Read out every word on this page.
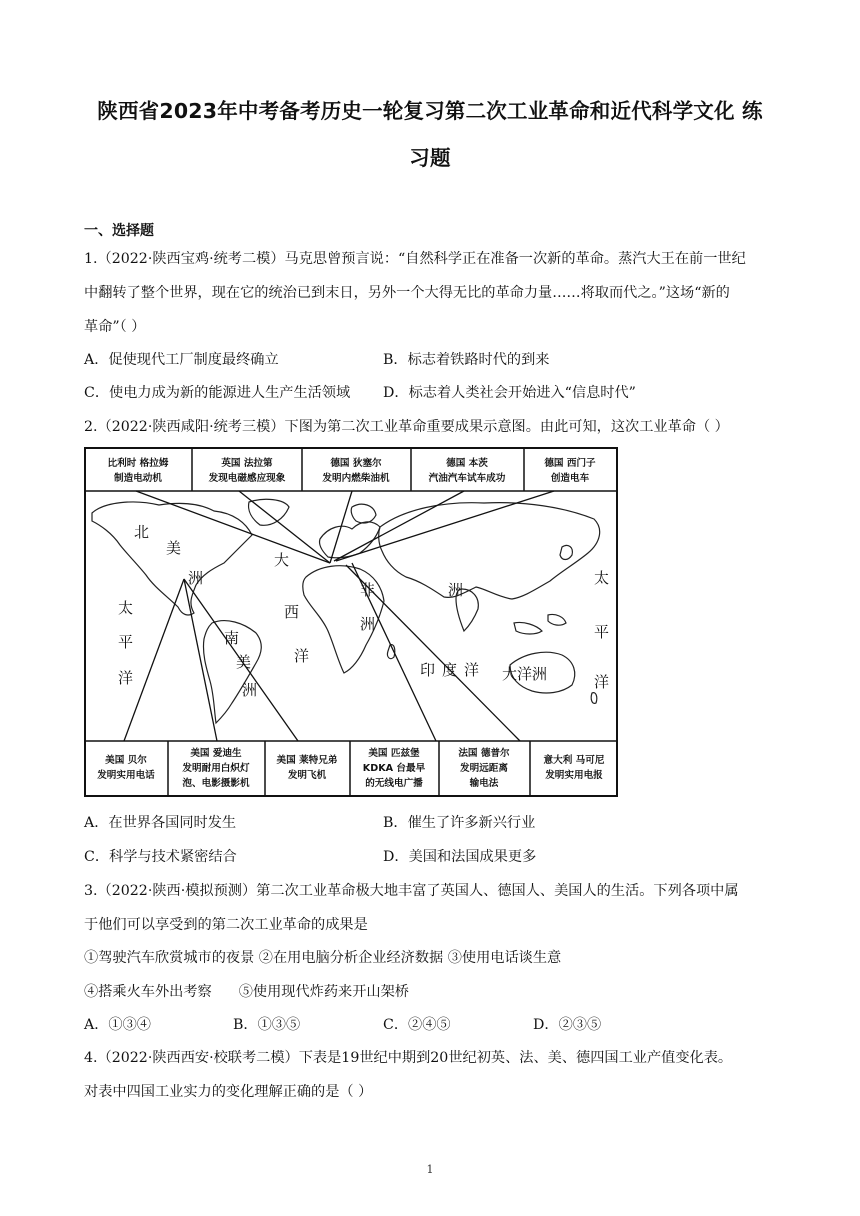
陕西省2023年中考备考历史一轮复习第二次工业革命和近代科学文化 练
习题
一、选择题
1.（2022·陕西宝鸡·统考二模）马克思曾预言说：“自然科学正在准备一次新的革命。蒸汽大王在前一世纪
中翻转了整个世界，现在它的统治已到末日，另外一个大得无比的革命力量……将取而代之。”这场“新的
革命”（ ）
A．促使现代工厂制度最终确立	B．标志着铁路时代的到来
C．使电力成为新的能源进人生产生活领域 D．标志着人类社会开始进入“信息时代”
2.（2022·陕西咸阳·统考三模）下图为第二次工业革命重要成果示意图。由此可知，这次工业革命（ ）
比利时 格拉姆
制造电动机
英国 法拉第
发现电磁感应现象
德国 狄塞尔
发明内燃柴油机
德国 本茨
汽油汽车试车成功
德国 西门子
创造电车
美国 贝尔
发明实用电话
美国 爱迪生
发明耐用白炽灯
泡、电影摄影机
美国 莱特兄弟
发明飞机
美国 匹兹堡
KDKA 台最早
的无线电广播
法国 德普尔
发明远距离
输电法
意大利 马可尼
发明实用电报
北
美
洲
太
平
洋
大
西
洋
南
美
洲
非
洲
洲
印 度 洋 大洋洲
太
平
洋
A．在世界各国同时发生	B．催生了许多新兴行业
C．科学与技术紧密结合	D．美国和法国成果更多
3.（2022·陕西·模拟预测）第二次工业革命极大地丰富了英国人、德国人、美国人的生活。下列各项中属
于他们可以享受到的第二次工业革命的成果是
①驾驶汽车欣赏城市的夜景 ②在用电脑分析企业经济数据 ③使用电话谈生意
④搭乘火车外出考察      ⑤使用现代炸药来开山架桥
A．①③④	B．①③⑤	C．②④⑤	D．②③⑤
4.（2022·陕西西安·校联考二模）下表是19世纪中期到20世纪初英、法、美、德四国工业产值变化表。
对表中四国工业实力的变化理解正确的是（ ）
1
